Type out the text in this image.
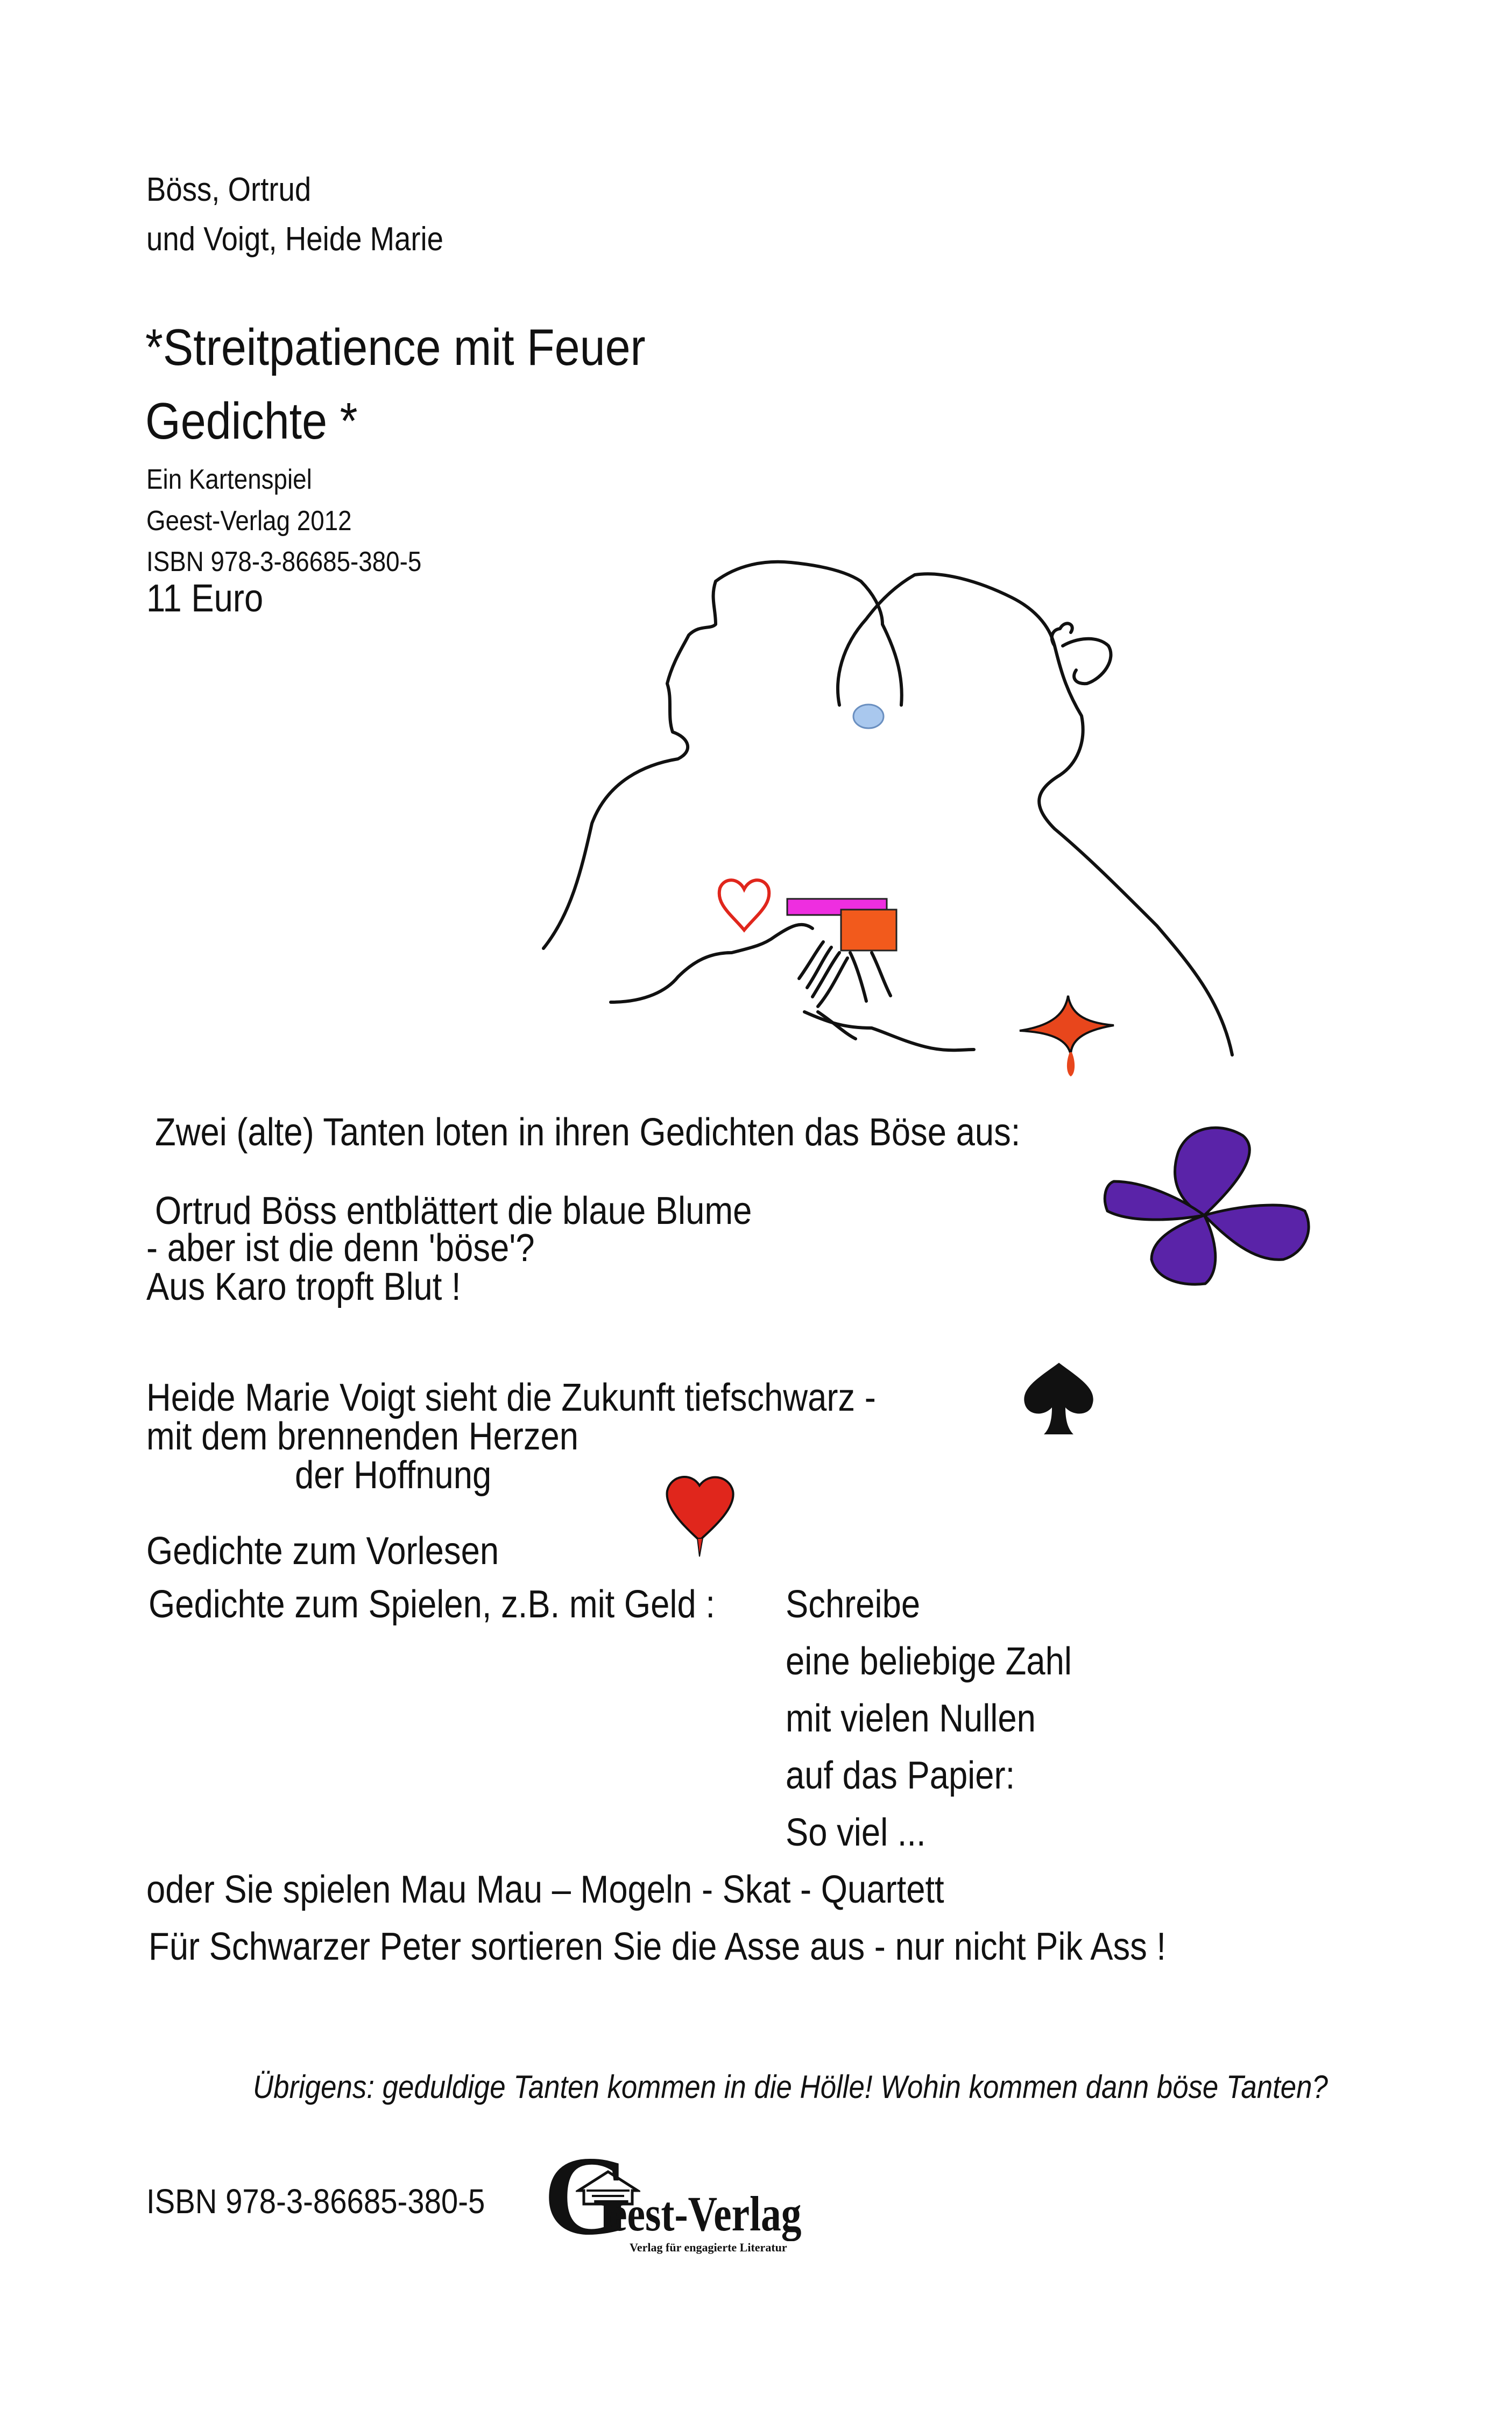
Böss, Ortrud
und Voigt, Heide Marie
*Streitpatience mit Feuer
Gedichte *
Ein Kartenspiel
Geest-Verlag 2012
ISBN 978-3-86685-380-5
11 Euro
Zwei (alte) Tanten loten in ihren Gedichten das Böse aus:
Ortrud Böss entblättert die blaue Blume
- aber ist die denn 'böse'?
Aus Karo tropft Blut !
Heide Marie Voigt sieht die Zukunft tiefschwarz -
mit dem brennenden Herzen
der Hoffnung
Gedichte zum Vorlesen
Gedichte zum Spielen, z.B. mit Geld : Schreibe
eine beliebige Zahl
mit vielen Nullen
auf das Papier:
So viel ...
oder Sie spielen Mau Mau – Mogeln - Skat - Quartett
Für Schwarzer Peter sortieren Sie die Asse aus - nur nicht Pik Ass !
Übrigens: geduldige Tanten kommen in die Hölle! Wohin kommen dann böse Tanten?
ISBN 978-3-86685-380-5 G
eest-Verlag
Verlag für engagierte Literatur
